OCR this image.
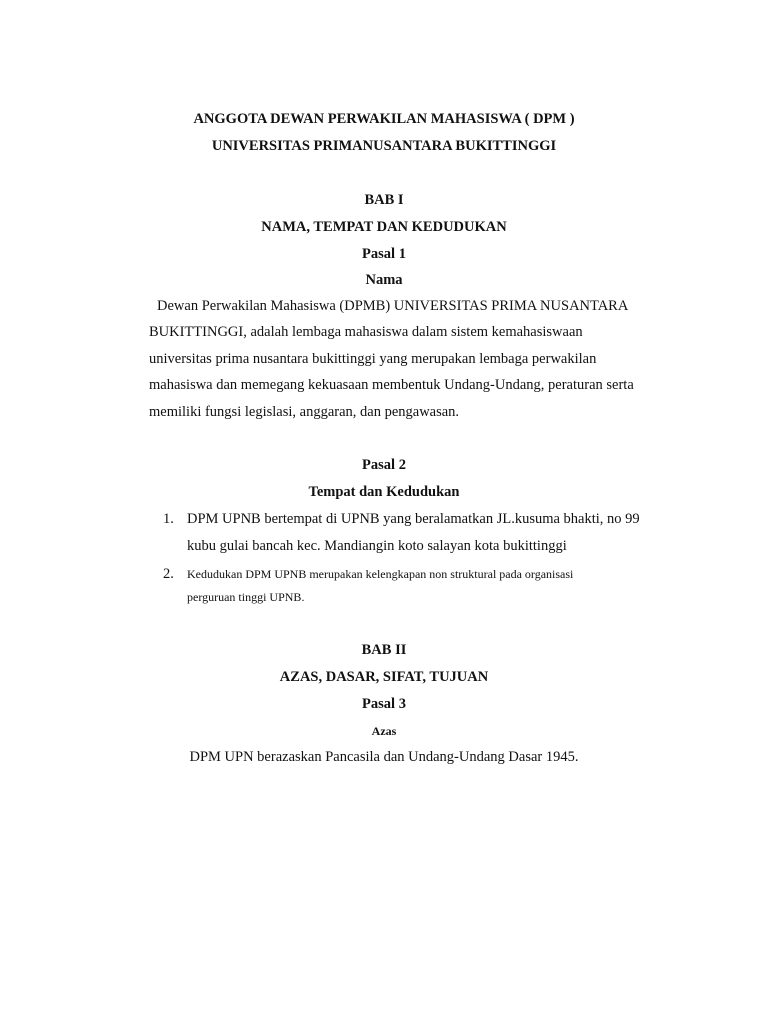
ANGGOTA DEWAN PERWAKILAN MAHASISWA ( DPM )
UNIVERSITAS PRIMANUSANTARA BUKITTINGGI
BAB I
NAMA, TEMPAT DAN KEDUDUKAN
Pasal 1
Nama
Dewan Perwakilan Mahasiswa (DPMB) UNIVERSITAS PRIMA NUSANTARA
BUKITTINGGI, adalah lembaga mahasiswa dalam sistem kemahasiswaan
universitas prima nusantara bukittinggi yang merupakan lembaga perwakilan
mahasiswa dan memegang kekuasaan membentuk Undang-Undang, peraturan serta
memiliki fungsi legislasi, anggaran, dan pengawasan.
Pasal 2
Tempat dan Kedudukan
1. DPM UPNB bertempat di UPNB yang beralamatkan JL.kusuma bhakti, no 99
kubu gulai bancah kec. Mandiangin koto salayan kota bukittinggi
2. Kedudukan DPM UPNB merupakan kelengkapan non struktural pada organisasi
perguruan tinggi UPNB.
BAB II
AZAS, DASAR, SIFAT, TUJUAN
Pasal 3
Azas
DPM UPN berazaskan Pancasila dan Undang-Undang Dasar 1945.
